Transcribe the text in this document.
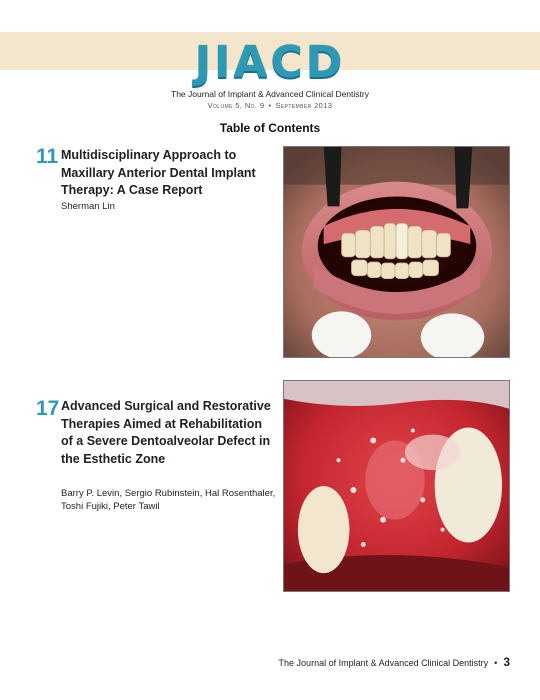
JIACD
The Journal of Implant & Advanced Clinical Dentistry
Volume 5, No. 9 • September 2013
Table of Contents
11 Multidisciplinary Approach to Maxillary Anterior Dental Implant Therapy: A Case Report
Sherman Lin
17 Advanced Surgical and Restorative Therapies Aimed at Rehabilitation of a Severe Dentoalveolar Defect in the Esthetic Zone
Barry P. Levin, Sergio Rubinstein, Hal Rosenthaler, Toshi Fujiki, Peter Tawil
The Journal of Implant & Advanced Clinical Dentistry • 3
